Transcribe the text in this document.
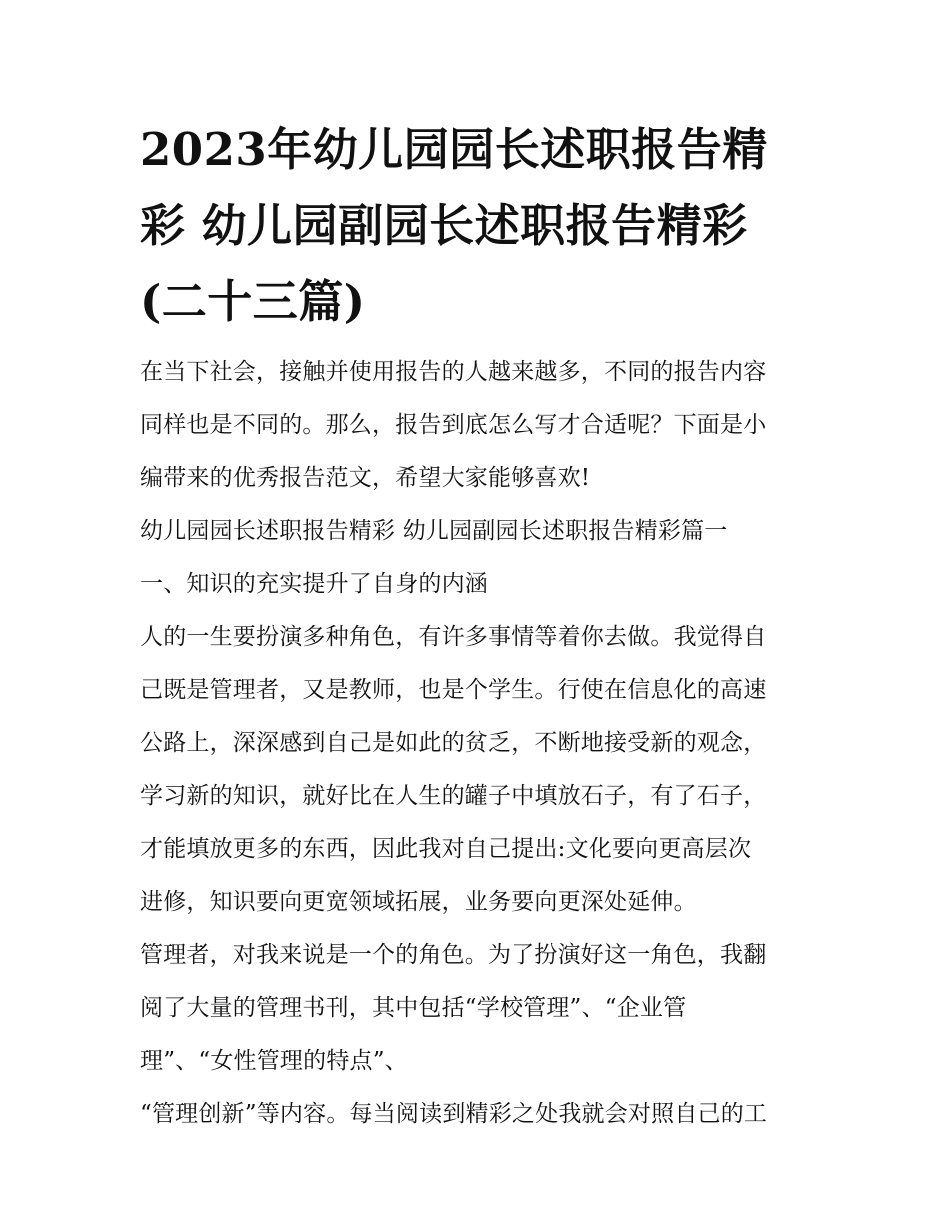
2023年幼儿园园长述职报告精
彩 幼儿园副园长述职报告精彩
(二十三篇)

在当下社会，接触并使用报告的人越来越多，不同的报告内容
同样也是不同的。那么，报告到底怎么写才合适呢？下面是小
编带来的优秀报告范文，希望大家能够喜欢!

幼儿园园长述职报告精彩 幼儿园副园长述职报告精彩篇一

一、知识的充实提升了自身的内涵

人的一生要扮演多种角色，有许多事情等着你去做。我觉得自
己既是管理者，又是教师，也是个学生。行使在信息化的高速
公路上，深深感到自己是如此的贫乏，不断地接受新的观念，
学习新的知识，就好比在人生的罐子中填放石子，有了石子，
才能填放更多的东西，因此我对自己提出:文化要向更高层次
进修，知识要向更宽领域拓展，业务要向更深处延伸。

管理者，对我来说是一个的角色。为了扮演好这一角色，我翻
阅了大量的管理书刊，其中包括“学校管理”、“企业管
理”、“女性管理的特点”、
“管理创新”等内容。每当阅读到精彩之处我就会对照自己的工
